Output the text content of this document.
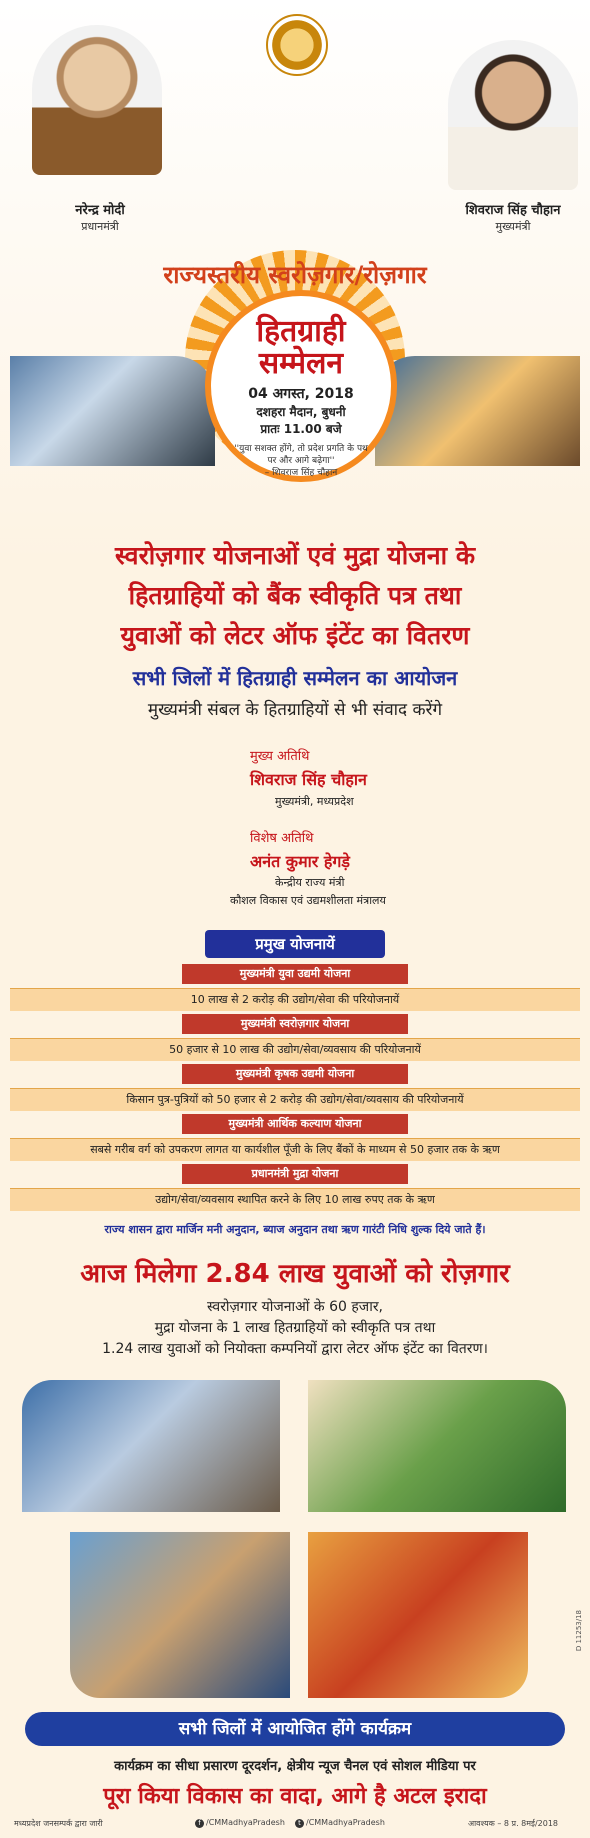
नरेन्द्र मोदी
प्रधानमंत्री
शिवराज सिंह चौहान
मुख्यमंत्री
राज्यस्तरीय स्वरोज़गार/रोज़गार
हितग्राही
सम्मेलन
04 अगस्त, 2018
दशहरा मैदान, बुधनी
प्रातः 11.00 बजे
''युवा सशक्त होंगे, तो प्रदेश प्रगति के पथ पर और आगे बढ़ेगा''
– शिवराज सिंह चौहान
स्वरोज़गार योजनाओं एवं मुद्रा योजना के
हितग्राहियों को बैंक स्वीकृति पत्र तथा
युवाओं को लेटर ऑफ इंटेंट का वितरण
सभी जिलों में हितग्राही सम्मेलन का आयोजन
मुख्यमंत्री संबल के हितग्राहियों से भी संवाद करेंगे
मुख्य अतिथि
शिवराज सिंह चौहान
मुख्यमंत्री, मध्यप्रदेश
विशेष अतिथि
अनंत कुमार हेगड़े
केन्द्रीय राज्य मंत्री
कौशल विकास एवं उद्यमशीलता मंत्रालय
प्रमुख योजनायें
मुख्यमंत्री युवा उद्यमी योजना
10 लाख से 2 करोड़ की उद्योग/सेवा की परियोजनायें
मुख्यमंत्री स्वरोज़गार योजना
50 हजार से 10 लाख की उद्योग/सेवा/व्यवसाय की परियोजनायें
मुख्यमंत्री कृषक उद्यमी योजना
किसान पुत्र-पुत्रियों को 50 हजार से 2 करोड़ की उद्योग/सेवा/व्यवसाय की परियोजनायें
मुख्यमंत्री आर्थिक कल्याण योजना
सबसे गरीब वर्ग को उपकरण लागत या कार्यशील पूँजी के लिए बैंकों के माध्यम से 50 हजार तक के ऋण
प्रधानमंत्री मुद्रा योजना
उद्योग/सेवा/व्यवसाय स्थापित करने के लिए 10 लाख रुपए तक के ऋण
राज्य शासन द्वारा मार्जिन मनी अनुदान, ब्याज अनुदान तथा ऋण गारंटी निधि शुल्क दिये जाते हैं।
आज मिलेगा 2.84 लाख युवाओं को रोज़गार
स्वरोज़गार योजनाओं के 60 हजार,
मुद्रा योजना के 1 लाख हितग्राहियों को स्वीकृति पत्र तथा
1.24 लाख युवाओं को नियोक्ता कम्पनियों द्वारा लेटर ऑफ इंटेंट का वितरण।
D 11253/18
सभी जिलों में आयोजित होंगे कार्यक्रम
कार्यक्रम का सीधा प्रसारण दूरदर्शन, क्षेत्रीय न्यूज चैनल एवं सोशल मीडिया पर
पूरा किया विकास का वादा, आगे है अटल इरादा
मध्यप्रदेश जनसम्पर्क द्वारा जारी	f /CMMadhyaPradesh	t /CMMadhyaPradesh	आवश्यक – 8 प्र. 8मई/2018
